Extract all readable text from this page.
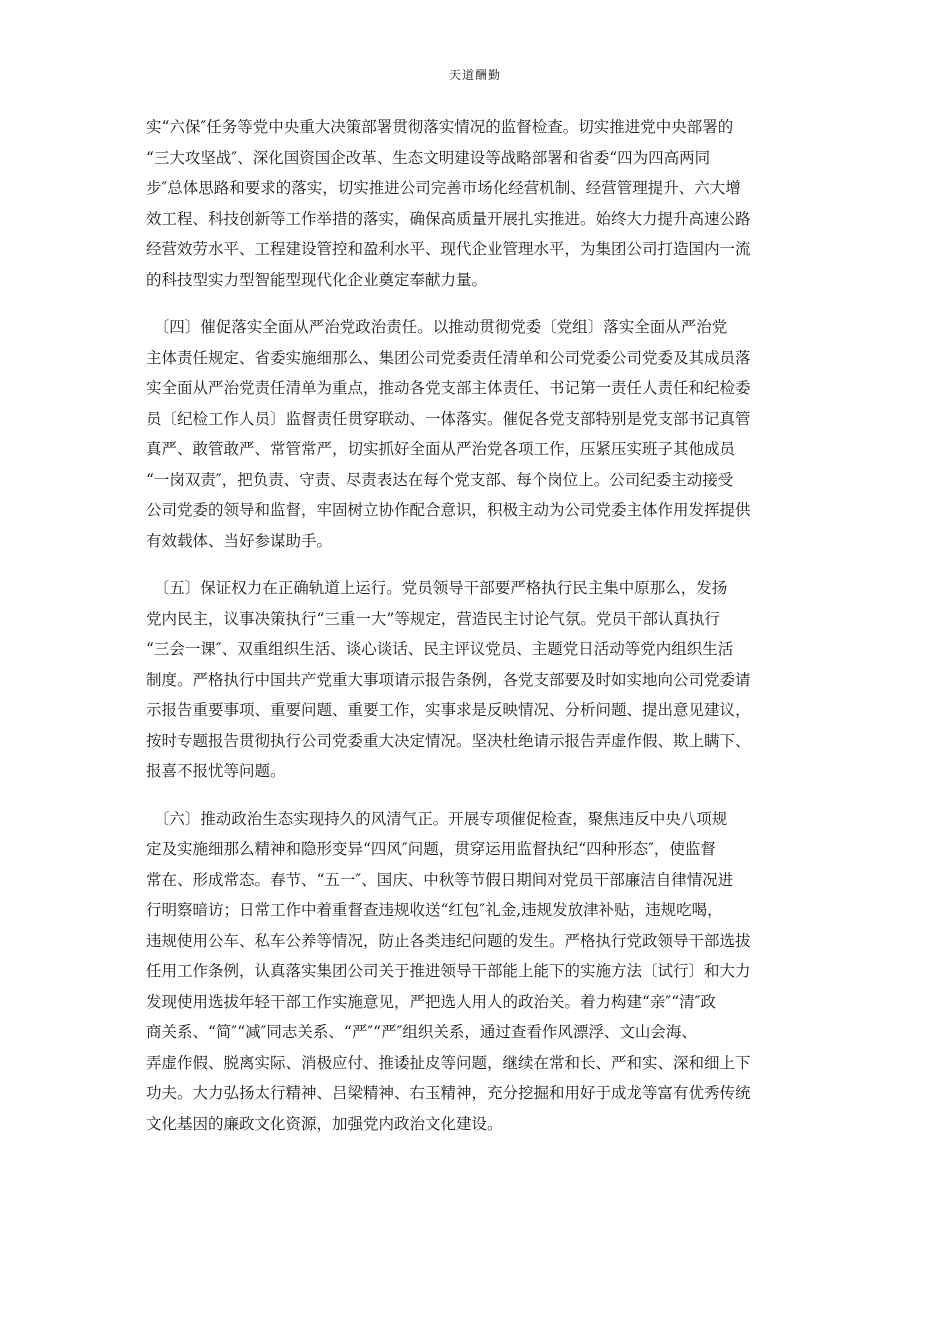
天道酬勤

实“六保″任务等党中央重大决策部署贯彻落实情况的监督检查。切实推进党中央部署的
“三大攻坚战″、深化国资国企改革、生态文明建设等战略部署和省委“四为四高两同
步″总体思路和要求的落实，切实推进公司完善市场化经营机制、经营管理提升、六大增
效工程、科技创新等工作举措的落实，确保高质量开展扎实推进。始终大力提升高速公路
经营效劳水平、工程建设管控和盈利水平、现代企业管理水平，为集团公司打造国内一流
的科技型实力型智能型现代化企业奠定奉献力量。

　〔四〕催促落实全面从严治党政治责任。以推动贯彻党委〔党组〕落实全面从严治党
主体责任规定、省委实施细那么、集团公司党委责任清单和公司党委公司党委及其成员落
实全面从严治党责任清单为重点，推动各党支部主体责任、书记第一责任人责任和纪检委
员〔纪检工作人员〕监督责任贯穿联动、一体落实。催促各党支部特别是党支部书记真管
真严、敢管敢严、常管常严，切实抓好全面从严治党各项工作，压紧压实班子其他成员
“一岗双责″，把负责、守责、尽责表达在每个党支部、每个岗位上。公司纪委主动接受
公司党委的领导和监督，牢固树立协作配合意识，积极主动为公司党委主体作用发挥提供
有效载体、当好参谋助手。

　〔五〕保证权力在正确轨道上运行。党员领导干部要严格执行民主集中原那么，发扬
党内民主，议事决策执行“三重一大”等规定，营造民主讨论气氛。党员干部认真执行
“三会一课″、双重组织生活、谈心谈话、民主评议党员、主题党日活动等党内组织生活
制度。严格执行中国共产党重大事项请示报告条例，各党支部要及时如实地向公司党委请
示报告重要事项、重要问题、重要工作，实事求是反映情况、分析问题、提出意见建议，
按时专题报告贯彻执行公司党委重大决定情况。坚决杜绝请示报告弄虚作假、欺上瞒下、
报喜不报忧等问题。

　〔六〕推动政治生态实现持久的风清气正。开展专项催促检查，聚焦违反中央八项规
定及实施细那么精神和隐形变异“四风″问题，贯穿运用监督执纪“四种形态″，使监督
常在、形成常态。春节、“五一″、国庆、中秋等节假日期间对党员干部廉洁自律情况进
行明察暗访；日常工作中着重督查违规收送“红包″礼金,违规发放津补贴，违规吃喝，
违规使用公车、私车公养等情况，防止各类违纪问题的发生。严格执行党政领导干部选拔
任用工作条例，认真落实集团公司关于推进领导干部能上能下的实施方法〔试行〕和大力
发现使用选拔年轻干部工作实施意见，严把选人用人的政治关。着力构建“亲″“清″政
商关系、“简″“减″同志关系、“严″“严″组织关系，通过查看作风漂浮、文山会海、
弄虚作假、脱离实际、消极应付、推诿扯皮等问题，继续在常和长、严和实、深和细上下
功夫。大力弘扬太行精神、吕梁精神、右玉精神，充分挖掘和用好于成龙等富有优秀传统
文化基因的廉政文化资源，加强党内政治文化建设。
